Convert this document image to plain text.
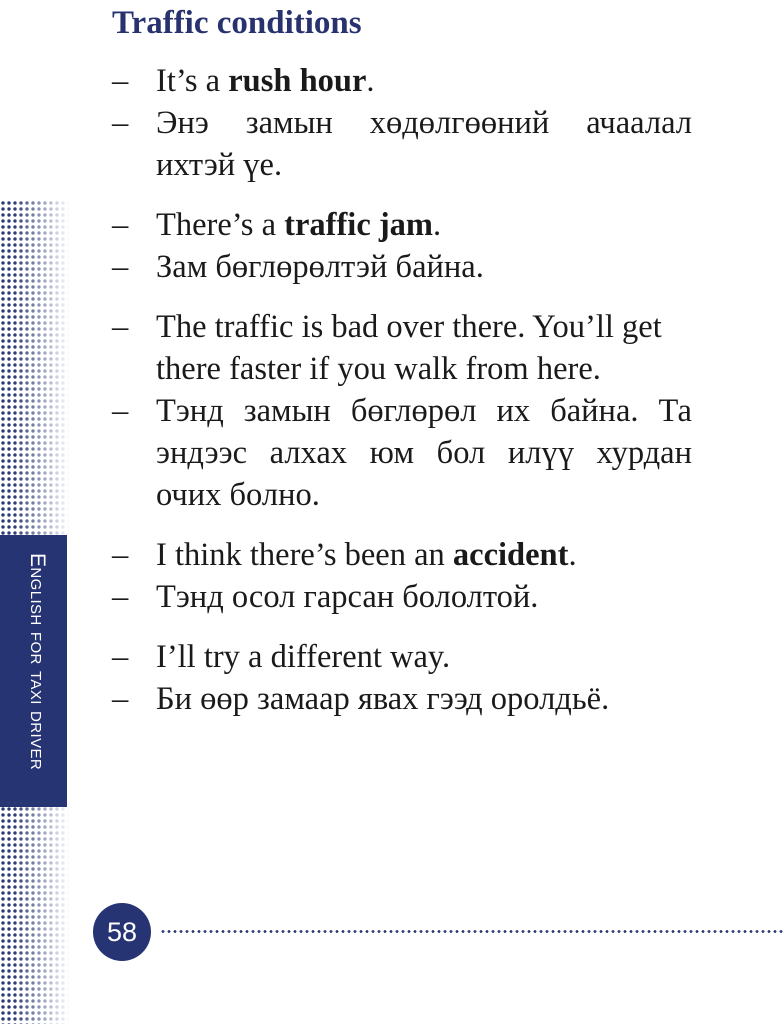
English for taxi driver
Traffic conditions
– It’s a rush hour.
– Энэ замын хөдөлгөөний ачаалал ихтэй үе.
– There’s a traffic jam.
– Зам бөглөрөлтэй байна.
– The traffic is bad over there. You’ll get there faster if you walk from here.
– Тэнд замын бөглөрөл их байна. Та эндээс алхах юм бол илүү хурдан очих болно.
– I think there’s been an accident.
– Тэнд осол гарсан бололтой.
– I’ll try a different way.
– Би өөр замаар явах гээд оролдьё.
58
